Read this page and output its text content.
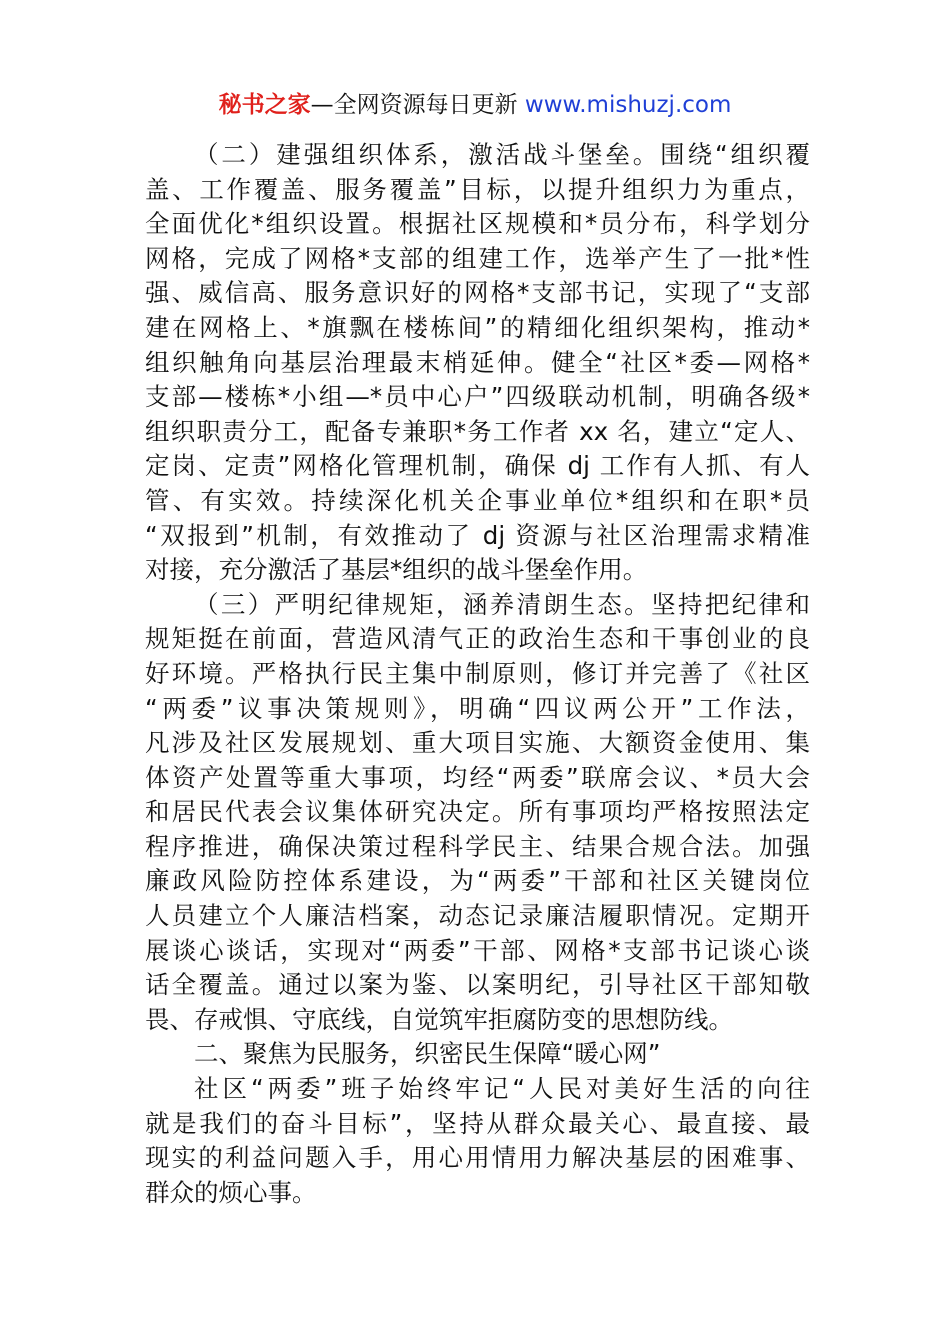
秘书之家—全网资源每日更新 www.mishuzj.com
（二）建强组织体系，激活战斗堡垒。围绕“组织覆
盖、工作覆盖、服务覆盖”目标，以提升组织力为重点，
全面优化*组织设置。根据社区规模和*员分布，科学划分
网格，完成了网格*支部的组建工作，选举产生了一批*性
强、威信高、服务意识好的网格*支部书记，实现了“支部
建在网格上、*旗飘在楼栋间”的精细化组织架构，推动*
组织触角向基层治理最末梢延伸。健全“社区*委—网格*
支部—楼栋*小组—*员中心户”四级联动机制，明确各级*
组织职责分工，配备专兼职*务工作者 xx 名，建立“定人、
定岗、定责”网格化管理机制，确保 dj 工作有人抓、有人
管、有实效。持续深化机关企事业单位*组织和在职*员
“双报到”机制，有效推动了 dj 资源与社区治理需求精准
对接，充分激活了基层*组织的战斗堡垒作用。
（三）严明纪律规矩，涵养清朗生态。坚持把纪律和
规矩挺在前面，营造风清气正的政治生态和干事创业的良
好环境。严格执行民主集中制原则，修订并完善了《社区
“两委”议事决策规则》，明确“四议两公开”工作法，
凡涉及社区发展规划、重大项目实施、大额资金使用、集
体资产处置等重大事项，均经“两委”联席会议、*员大会
和居民代表会议集体研究决定。所有事项均严格按照法定
程序推进，确保决策过程科学民主、结果合规合法。加强
廉政风险防控体系建设，为“两委”干部和社区关键岗位
人员建立个人廉洁档案，动态记录廉洁履职情况。定期开
展谈心谈话，实现对“两委”干部、网格*支部书记谈心谈
话全覆盖。通过以案为鉴、以案明纪，引导社区干部知敬
畏、存戒惧、守底线，自觉筑牢拒腐防变的思想防线。
二、聚焦为民服务，织密民生保障“暖心网”
社区“两委”班子始终牢记“人民对美好生活的向往
就是我们的奋斗目标”，坚持从群众最关心、最直接、最
现实的利益问题入手，用心用情用力解决基层的困难事、
群众的烦心事。
